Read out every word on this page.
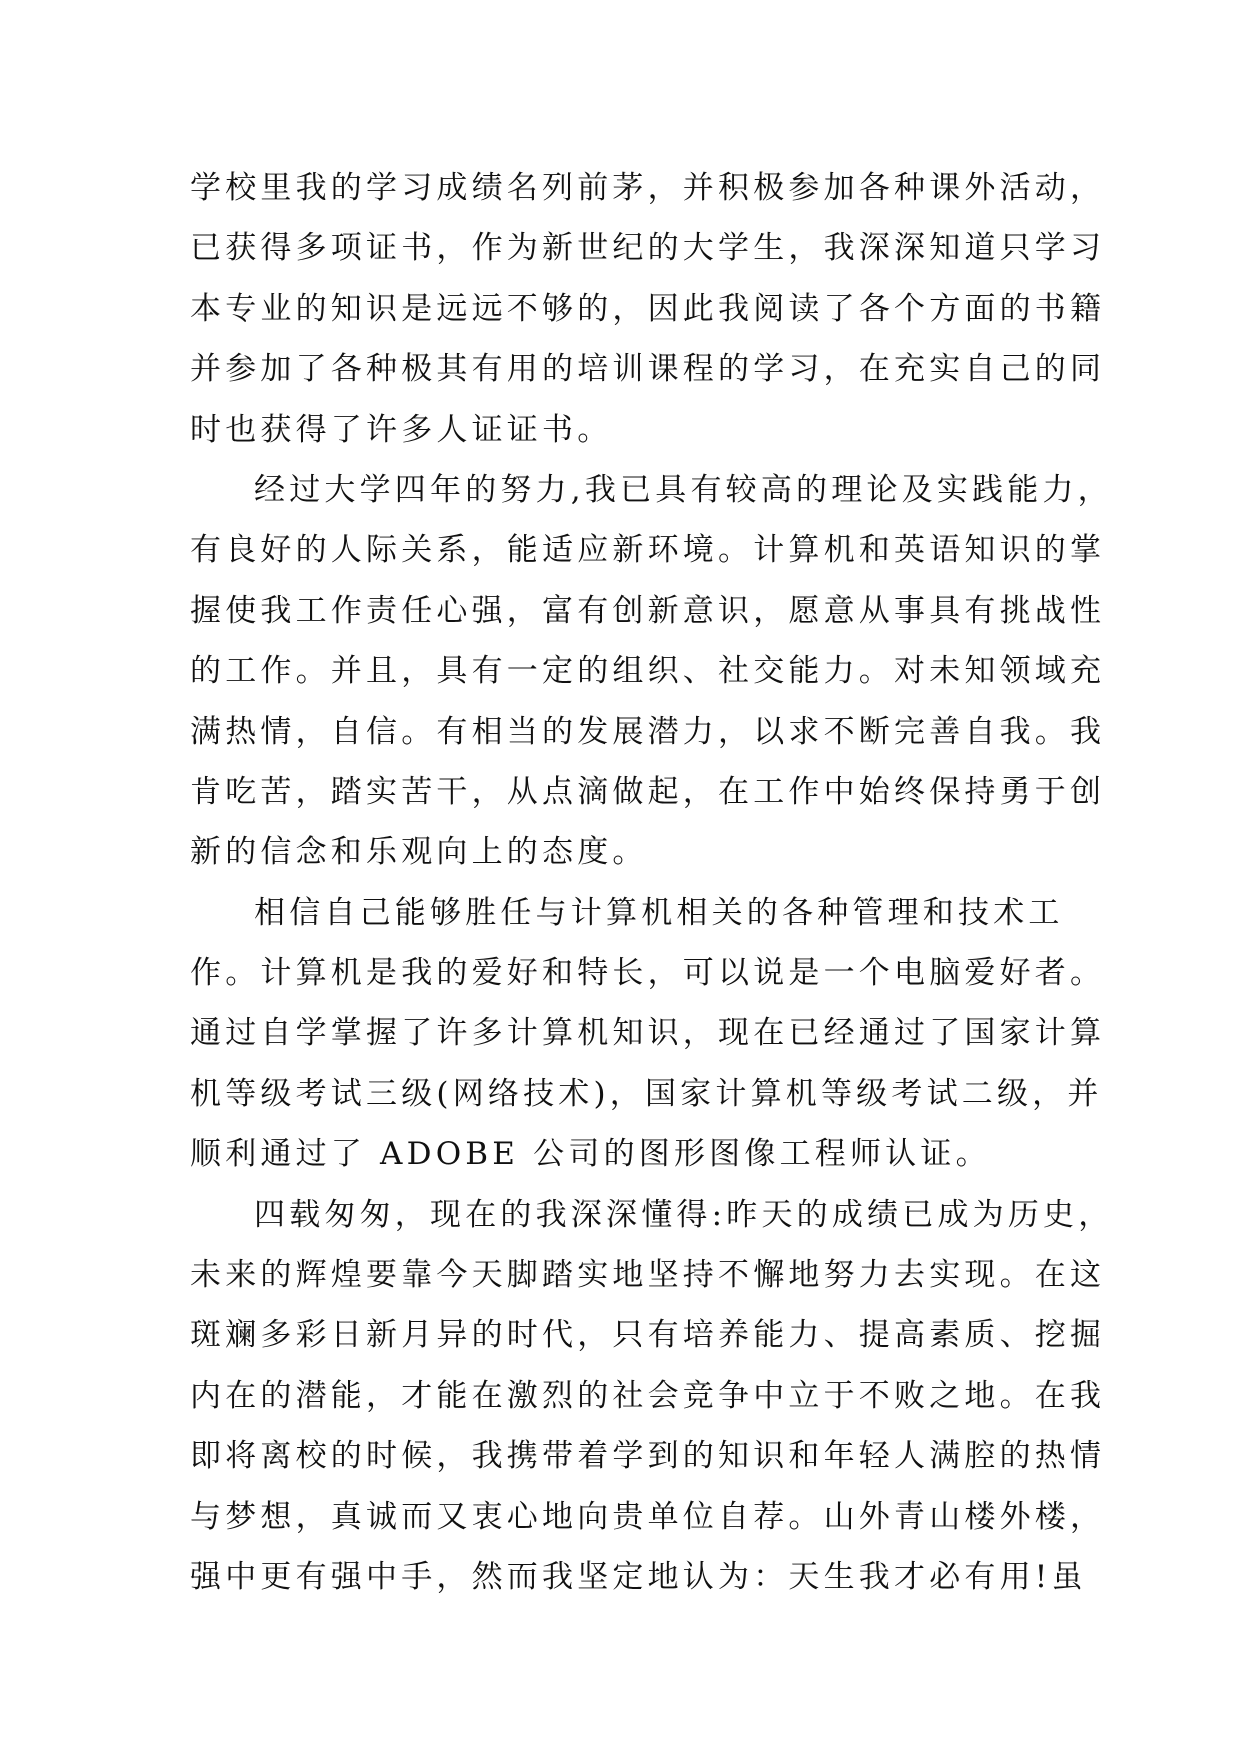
学校里我的学习成绩名列前茅，并积极参加各种课外活动，
已获得多项证书，作为新世纪的大学生，我深深知道只学习
本专业的知识是远远不够的，因此我阅读了各个方面的书籍
并参加了各种极其有用的培训课程的学习，在充实自己的同
时也获得了许多人证证书。
经过大学四年的努力,我已具有较高的理论及实践能力，
有良好的人际关系，能适应新环境。计算机和英语知识的掌
握使我工作责任心强，富有创新意识，愿意从事具有挑战性
的工作。并且，具有一定的组织、社交能力。对未知领域充
满热情，自信。有相当的发展潜力，以求不断完善自我。我
肯吃苦，踏实苦干，从点滴做起，在工作中始终保持勇于创
新的信念和乐观向上的态度。
相信自己能够胜任与计算机相关的各种管理和技术工
作。计算机是我的爱好和特长，可以说是一个电脑爱好者。
通过自学掌握了许多计算机知识，现在已经通过了国家计算
机等级考试三级(网络技术)，国家计算机等级考试二级，并
顺利通过了 ADOBE 公司的图形图像工程师认证。
四载匆匆，现在的我深深懂得:昨天的成绩已成为历史，
未来的辉煌要靠今天脚踏实地坚持不懈地努力去实现。在这
斑斓多彩日新月异的时代，只有培养能力、提高素质、挖掘
内在的潜能，才能在激烈的社会竞争中立于不败之地。在我
即将离校的时候，我携带着学到的知识和年轻人满腔的热情
与梦想，真诚而又衷心地向贵单位自荐。山外青山楼外楼，
强中更有强中手，然而我坚定地认为：天生我才必有用!虽
